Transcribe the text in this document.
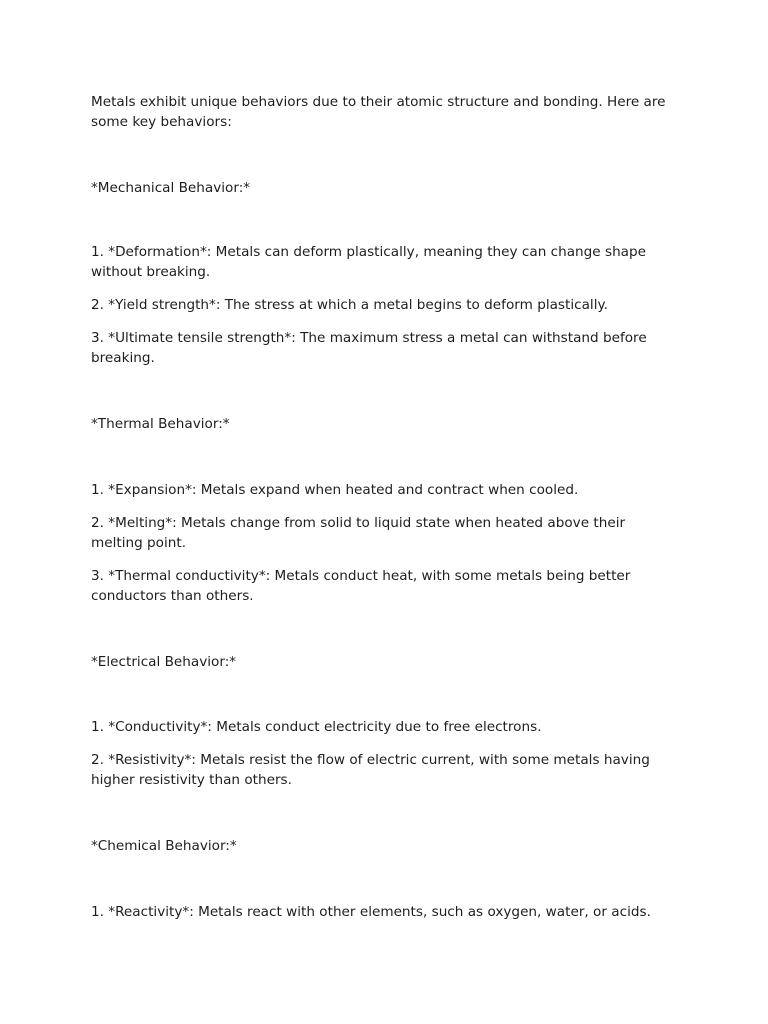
Metals exhibit unique behaviors due to their atomic structure and bonding. Here are some key behaviors:

*Mechanical Behavior:*

1. *Deformation*: Metals can deform plastically, meaning they can change shape without breaking.

2. *Yield strength*: The stress at which a metal begins to deform plastically.

3. *Ultimate tensile strength*: The maximum stress a metal can withstand before breaking.

*Thermal Behavior:*

1. *Expansion*: Metals expand when heated and contract when cooled.

2. *Melting*: Metals change from solid to liquid state when heated above their melting point.

3. *Thermal conductivity*: Metals conduct heat, with some metals being better conductors than others.

*Electrical Behavior:*

1. *Conductivity*: Metals conduct electricity due to free electrons.

2. *Resistivity*: Metals resist the flow of electric current, with some metals having higher resistivity than others.

*Chemical Behavior:*

1. *Reactivity*: Metals react with other elements, such as oxygen, water, or acids.
